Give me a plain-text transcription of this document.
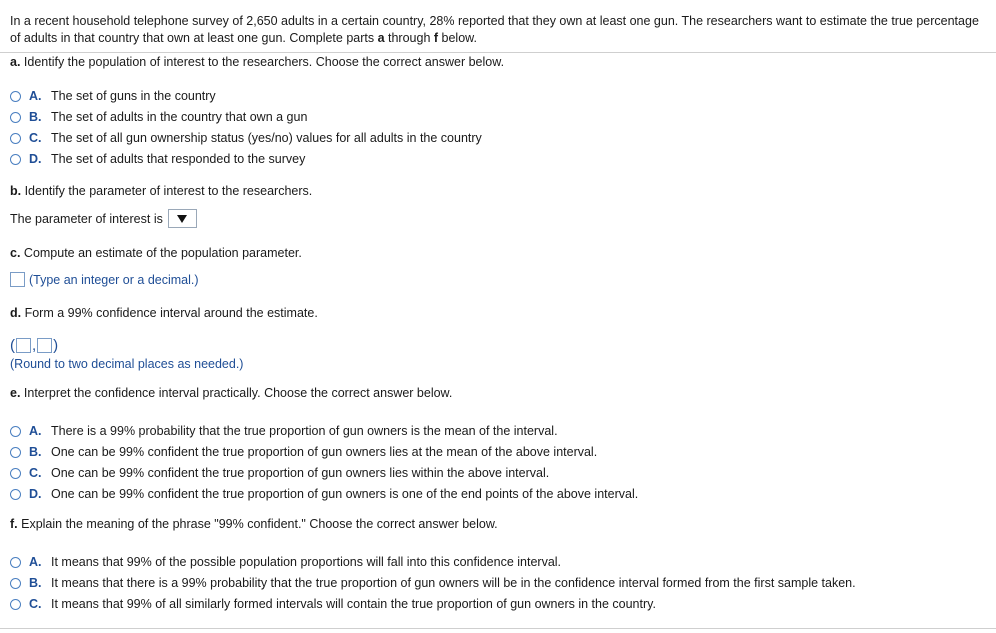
In a recent household telephone survey of 2,650 adults in a certain country, 28% reported that they own at least one gun. The researchers want to estimate the true percentage of adults in that country that own at least one gun. Complete parts a through f below.
a. Identify the population of interest to the researchers. Choose the correct answer below.
A. The set of guns in the country
B. The set of adults in the country that own a gun
C. The set of all gun ownership status (yes/no) values for all adults in the country
D. The set of adults that responded to the survey
b. Identify the parameter of interest to the researchers.
The parameter of interest is
c. Compute an estimate of the population parameter.
(Type an integer or a decimal.)
d. Form a 99% confidence interval around the estimate.
( , )
(Round to two decimal places as needed.)
e. Interpret the confidence interval practically. Choose the correct answer below.
A. There is a 99% probability that the true proportion of gun owners is the mean of the interval.
B. One can be 99% confident the true proportion of gun owners lies at the mean of the above interval.
C. One can be 99% confident the true proportion of gun owners lies within the above interval.
D. One can be 99% confident the true proportion of gun owners is one of the end points of the above interval.
f. Explain the meaning of the phrase "99% confident." Choose the correct answer below.
A. It means that 99% of the possible population proportions will fall into this confidence interval.
B. It means that there is a 99% probability that the true proportion of gun owners will be in the confidence interval formed from the first sample taken.
C. It means that 99% of all similarly formed intervals will contain the true proportion of gun owners in the country.
